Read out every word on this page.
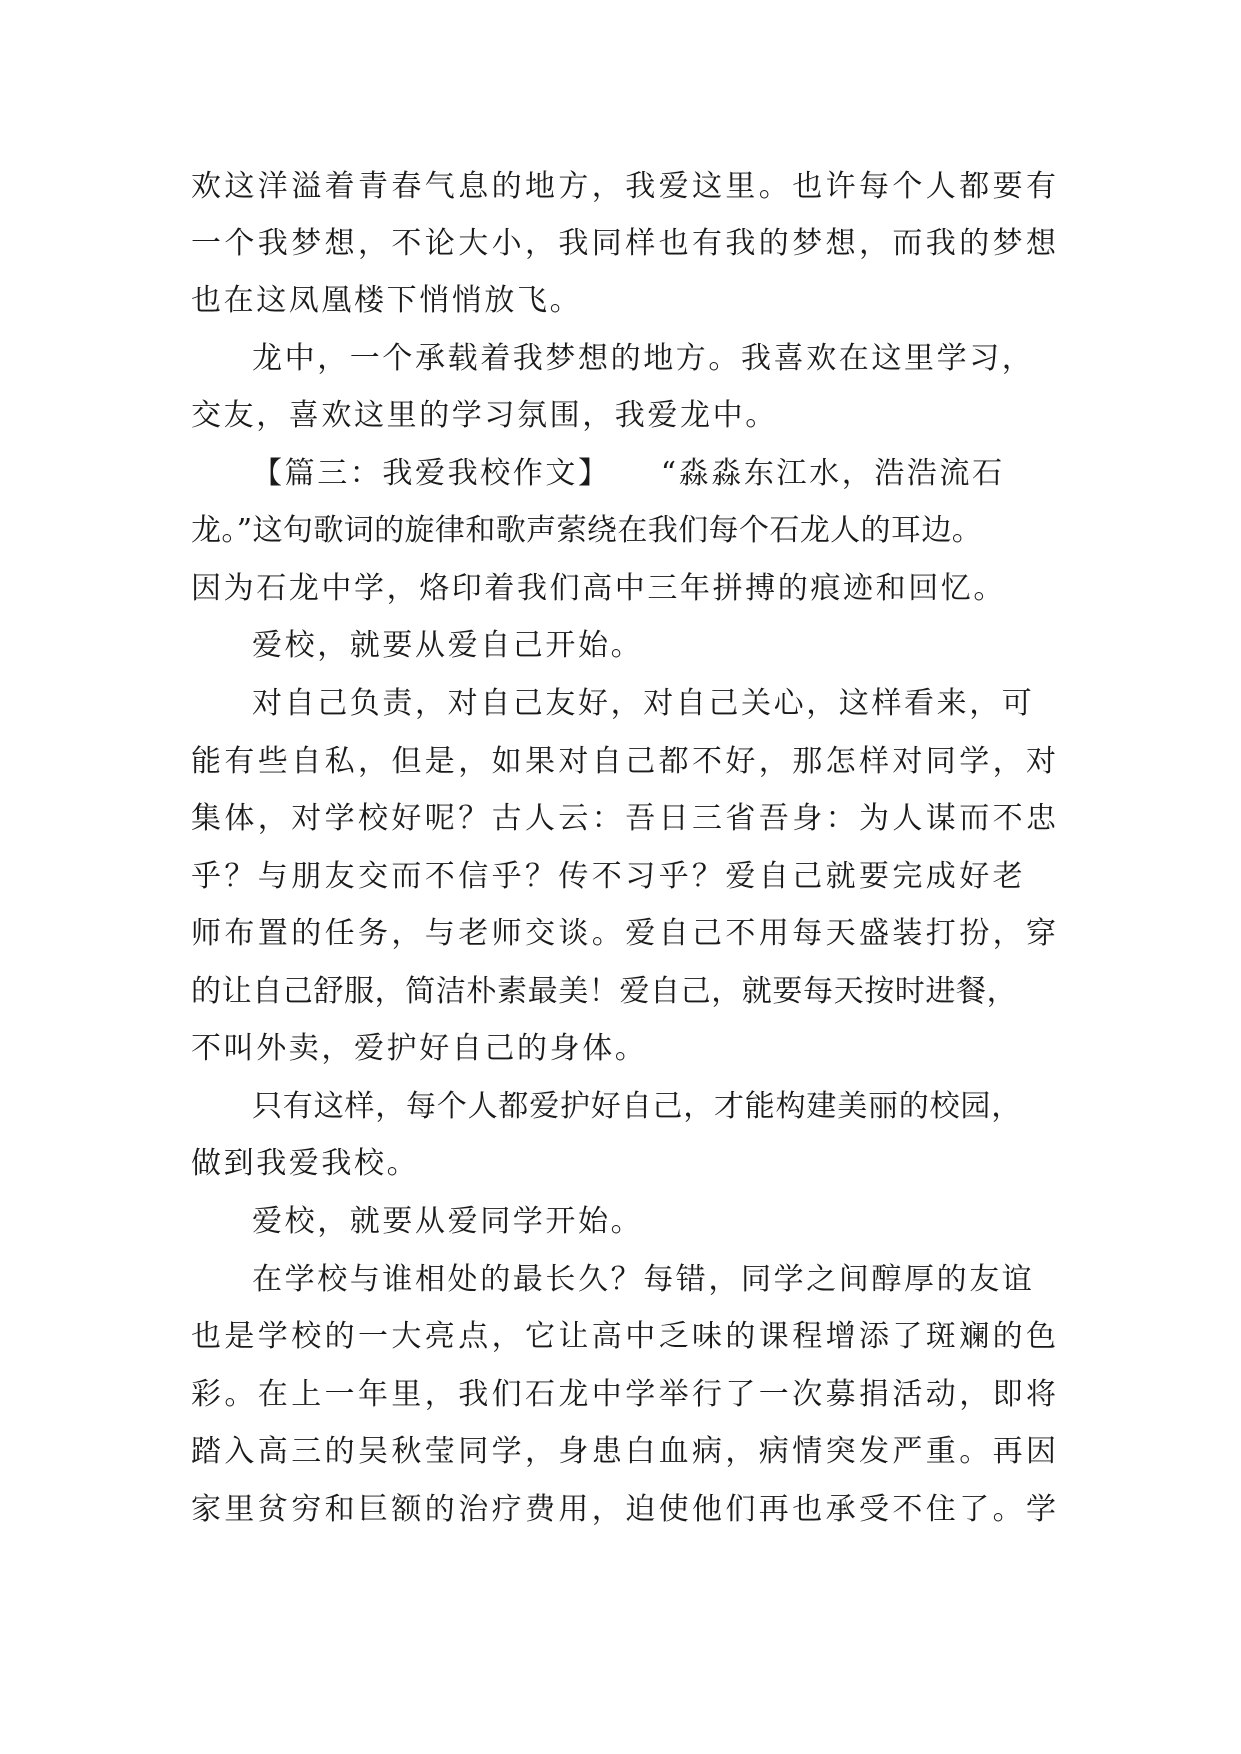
欢这洋溢着青春气息的地方，我爱这里。也许每个人都要有
一个我梦想，不论大小，我同样也有我的梦想，而我的梦想
也在这凤凰楼下悄悄放飞。
龙中，一个承载着我梦想的地方。我喜欢在这里学习，
交友，喜欢这里的学习氛围，我爱龙中。
【篇三：我爱我校作文】　　“淼淼东江水，浩浩流石
龙。”这句歌词的旋律和歌声萦绕在我们每个石龙人的耳边。
因为石龙中学，烙印着我们高中三年拼搏的痕迹和回忆。
爱校，就要从爱自己开始。
对自己负责，对自己友好，对自己关心，这样看来，可
能有些自私，但是，如果对自己都不好，那怎样对同学，对
集体，对学校好呢？古人云：吾日三省吾身：为人谋而不忠
乎？与朋友交而不信乎？传不习乎？爱自己就要完成好老
师布置的任务，与老师交谈。爱自己不用每天盛装打扮，穿
的让自己舒服，简洁朴素最美！爱自己，就要每天按时进餐，
不叫外卖，爱护好自己的身体。
只有这样，每个人都爱护好自己，才能构建美丽的校园，
做到我爱我校。
爱校，就要从爱同学开始。
在学校与谁相处的最长久？每错，同学之间醇厚的友谊
也是学校的一大亮点，它让高中乏味的课程增添了斑斓的色
彩。在上一年里，我们石龙中学举行了一次募捐活动，即将
踏入高三的吴秋莹同学，身患白血病，病情突发严重。再因
家里贫穷和巨额的治疗费用，迫使他们再也承受不住了。学
